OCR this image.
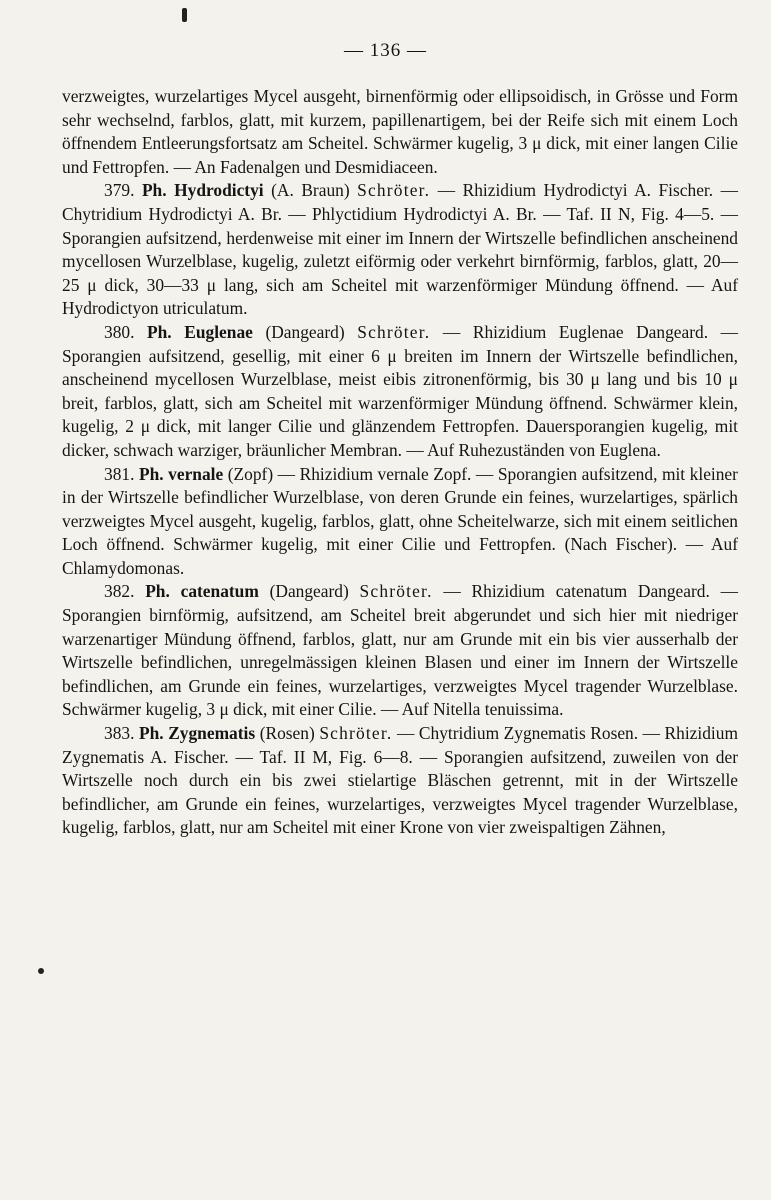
— 136 —

verzweigtes, wurzelartiges Mycel ausgeht, birnenförmig oder ellipsoidisch, in Grösse und Form sehr wechselnd, farblos, glatt, mit kurzem, papillenartigem, bei der Reife sich mit einem Loch öffnendem Entleerungsfortsatz am Scheitel. Schwärmer kugelig, 3 μ dick, mit einer langen Cilie und Fettropfen. — An Fadenalgen und Desmidiaceen.

379. Ph. Hydrodictyi (A. Braun) Schröter. — Rhizidium Hydrodictyi A. Fischer. — Chytridium Hydrodictyi A. Br. — Phlyctidium Hydrodictyi A. Br. — Taf. II N, Fig. 4—5. — Sporangien aufsitzend, herdenweise mit einer im Innern der Wirtszelle befindlichen anscheinend mycellosen Wurzelblase, kugelig, zuletzt eiförmig oder verkehrt birnförmig, farblos, glatt, 20—25 μ dick, 30—33 μ lang, sich am Scheitel mit warzenförmiger Mündung öffnend. — Auf Hydrodictyon utriculatum.

380. Ph. Euglenae (Dangeard) Schröter. — Rhizidium Euglenae Dangeard. — Sporangien aufsitzend, gesellig, mit einer 6 μ breiten im Innern der Wirtszelle befindlichen, anscheinend mycellosen Wurzelblase, meist eibis zitronenförmig, bis 30 μ lang und bis 10 μ breit, farblos, glatt, sich am Scheitel mit warzenförmiger Mündung öffnend. Schwärmer klein, kugelig, 2 μ dick, mit langer Cilie und glänzendem Fettropfen. Dauersporangien kugelig, mit dicker, schwach warziger, bräunlicher Membran. — Auf Ruhezuständen von Euglena.

381. Ph. vernale (Zopf) — Rhizidium vernale Zopf. — Sporangien aufsitzend, mit kleiner in der Wirtszelle befindlicher Wurzelblase, von deren Grunde ein feines, wurzelartiges, spärlich verzweigtes Mycel ausgeht, kugelig, farblos, glatt, ohne Scheitelwarze, sich mit einem seitlichen Loch öffnend. Schwärmer kugelig, mit einer Cilie und Fettropfen. (Nach Fischer). — Auf Chlamydomonas.

382. Ph. catenatum (Dangeard) Schröter. — Rhizidium catenatum Dangeard. — Sporangien birnförmig, aufsitzend, am Scheitel breit abgerundet und sich hier mit niedriger warzenartiger Mündung öffnend, farblos, glatt, nur am Grunde mit ein bis vier ausserhalb der Wirtszelle befindlichen, unregelmässigen kleinen Blasen und einer im Innern der Wirtszelle befindlichen, am Grunde ein feines, wurzelartiges, verzweigtes Mycel tragender Wurzelblase. Schwärmer kugelig, 3 μ dick, mit einer Cilie. — Auf Nitella tenuissima.

383. Ph. Zygnematis (Rosen) Schröter. — Chytridium Zygnematis Rosen. — Rhizidium Zygnematis A. Fischer. — Taf. II M, Fig. 6—8. — Sporangien aufsitzend, zuweilen von der Wirtszelle noch durch ein bis zwei stielartige Bläschen getrennt, mit in der Wirtszelle befindlicher, am Grunde ein feines, wurzelartiges, verzweigtes Mycel tragender Wurzelblase, kugelig, farblos, glatt, nur am Scheitel mit einer Krone von vier zweispaltigen Zähnen,
